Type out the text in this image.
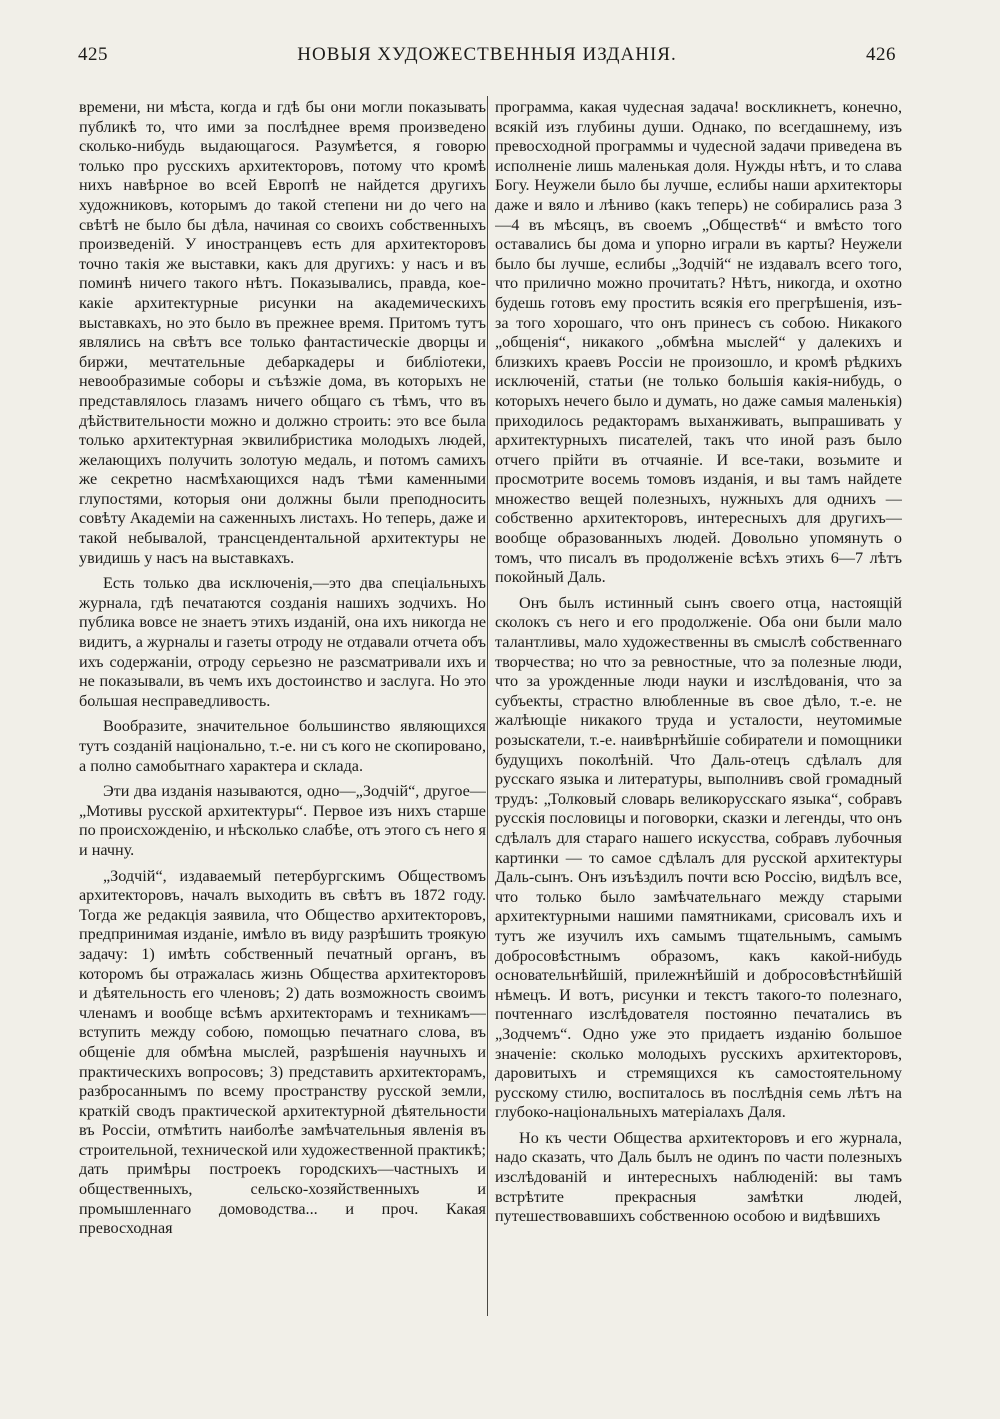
425	НОВЫЯ ХУДОЖЕСТВЕННЫЯ ИЗДАНІЯ.	426

времени, ни мѣста, когда и гдѣ бы они могли показывать публикѣ то, что ими за послѣднее время произведено сколько-нибудь выдающагося. Разумѣется, я говорю только про русскихъ архитекторовъ, потому что кромѣ нихъ навѣрное во всей Европѣ не найдется другихъ художниковъ, которымъ до такой степени ни до чего на свѣтѣ не было бы дѣла, начиная со своихъ собственныхъ произведеній. У иностранцевъ есть для архитекторовъ точно такія же выставки, какъ для другихъ: у насъ и въ поминѣ ничего такого нѣтъ. Показывались, правда, кое-какіе архитектурные рисунки на академическихъ выставкахъ, но это было въ прежнее время. Притомъ тутъ являлись на свѣтъ все только фантастическіе дворцы и биржи, мечтательные дебаркадеры и библіотеки, невообразимые соборы и съѣзжіе дома, въ которыхъ не представлялось глазамъ ничего общаго съ тѣмъ, что въ дѣйствительности можно и должно строить: это все была только архитектурная эквилибристика молодыхъ людей, желающихъ получить золотую медаль, и потомъ самихъ же секретно насмѣхающихся надъ тѣми каменными глупостями, которыя они должны были преподносить совѣту Академіи на саженныхъ листахъ. Но теперь, даже и такой небывалой, трансцендентальной архитектуры не увидишь у насъ на выставкахъ.

Есть только два исключенія,—это два спеціальныхъ журнала, гдѣ печатаются созданія нашихъ зодчихъ. Но публика вовсе не знаетъ этихъ изданій, она ихъ никогда не видитъ, а журналы и газеты отроду не отдавали отчета объ ихъ содержаніи, отроду серьезно не разсматривали ихъ и не показывали, въ чемъ ихъ достоинство и заслуга. Но это большая несправедливость.

Вообразите, значительное большинство являющихся тутъ созданій національно, т.-е. ни съ кого не скопировано, а полно самобытнаго характера и склада.

Эти два изданія называются, одно—„Зодчій“, другое—„Мотивы русской архитектуры“. Первое изъ нихъ старше по происхожденію, и нѣсколько слабѣе, отъ этого съ него я и начну.

„Зодчій“, издаваемый петербургскимъ Обществомъ архитекторовъ, началъ выходить въ свѣтъ въ 1872 году. Тогда же редакція заявила, что Общество архитекторовъ, предпринимая изданіе, имѣло въ виду разрѣшить троякую задачу: 1) имѣть собственный печатный органъ, въ которомъ бы отражалась жизнь Общества архитекторовъ и дѣятельность его членовъ; 2) дать возможность своимъ членамъ и вообще всѣмъ архитекторамъ и техникамъ—вступить между собою, помощью печатнаго слова, въ общеніе для обмѣна мыслей, разрѣшенія научныхъ и практическихъ вопросовъ; 3) представить архитекторамъ, разбросаннымъ по всему пространству русской земли, краткій сводъ практической архитектурной дѣятельности въ Россіи, отмѣтить наиболѣе замѣчательныя явленія въ строительной, технической или художественной практикѣ; дать примѣры построекъ городскихъ—частныхъ и общественныхъ, сельско-хозяйственныхъ и промышленнаго домоводства... и проч. Какая превосходная

программа, какая чудесная задача! воскликнетъ, конечно, всякій изъ глубины души. Однако, по всегдашнему, изъ превосходной программы и чудесной задачи приведена въ исполненіе лишь маленькая доля. Нужды нѣтъ, и то слава Богу. Неужели было бы лучше, еслибы наши архитекторы даже и вяло и лѣниво (какъ теперь) не собирались раза 3—4 въ мѣсяцъ, въ своемъ „Обществѣ“ и вмѣсто того оставались бы дома и упорно играли въ карты? Неужели было бы лучше, еслибы „Зодчій“ не издавалъ всего того, что прилично можно прочитать? Нѣтъ, никогда, и охотно будешь готовъ ему простить всякія его прегрѣшенія, изъ-за того хорошаго, что онъ принесъ съ собою. Никакого „общенія“, никакого „обмѣна мыслей“ у далекихъ и близкихъ краевъ Россіи не произошло, и кромѣ рѣдкихъ исключеній, статьи (не только большія какія-нибудь, о которыхъ нечего было и думать, но даже самыя маленькія) приходилось редакторамъ выханживать, выпрашивать у архитектурныхъ писателей, такъ что иной разъ было отчего прійти въ отчаяніе. И все-таки, возьмите и просмотрите восемь томовъ изданія, и вы тамъ найдете множество вещей полезныхъ, нужныхъ для однихъ — собственно архитекторовъ, интересныхъ для другихъ—вообще образованныхъ людей. Довольно упомянуть о томъ, что писалъ въ продолженіе всѣхъ этихъ 6—7 лѣтъ покойный Даль.

Онъ былъ истинный сынъ своего отца, настоящій сколокъ съ него и его продолженіе. Оба они были мало талантливы, мало художественны въ смыслѣ собственнаго творчества; но что за ревностные, что за полезные люди, что за урожденные люди науки и изслѣдованія, что за субъекты, страстно влюбленные въ свое дѣло, т.-е. не жалѣющіе никакого труда и усталости, неутомимые розыскатели, т.-е. наивѣрнѣйшіе собиратели и помощники будущихъ поколѣній. Что Даль-отецъ сдѣлалъ для русскаго языка и литературы, выполнивъ свой громадный трудъ: „Толковый словарь великорусскаго языка“, собравъ русскія пословицы и поговорки, сказки и легенды, что онъ сдѣлалъ для стараго нашего искусства, собравъ лубочныя картинки — то самое сдѣлалъ для русской архитектуры Даль-сынъ. Онъ изъѣздилъ почти всю Россію, видѣлъ все, что только было замѣчательнаго между старыми архитектурными нашими памятниками, срисовалъ ихъ и тутъ же изучилъ ихъ самымъ тщательнымъ, самымъ добросовѣстнымъ образомъ, какъ какой-нибудь основательнѣйшій, прилежнѣйшій и добросовѣстнѣйшій нѣмецъ. И вотъ, рисунки и текстъ такого-то полезнаго, почтеннаго изслѣдователя постоянно печатались въ „Зодчемъ“. Одно уже это придаетъ изданію большое значеніе: сколько молодыхъ русскихъ архитекторовъ, даровитыхъ и стремящихся къ самостоятельному русскому стилю, воспиталось въ послѣднія семь лѣтъ на глубоко-національныхъ матеріалахъ Даля.

Но къ чести Общества архитекторовъ и его журнала, надо сказать, что Даль былъ не одинъ по части полезныхъ изслѣдованій и интересныхъ наблюденій: вы тамъ встрѣтите прекрасныя замѣтки людей, путешествовавшихъ собственною особою и видѣвшихъ
